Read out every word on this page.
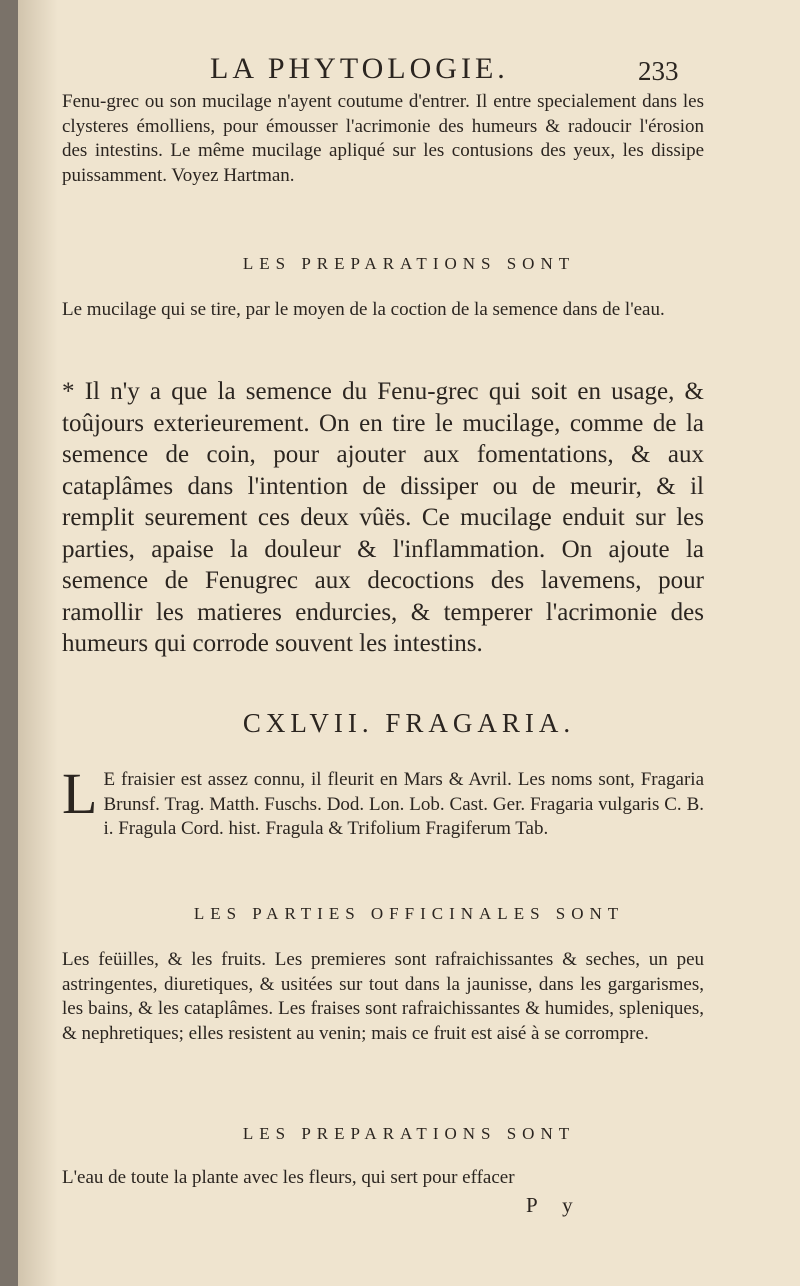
LA PHYTOLOGIE.	233

Fenu-grec ou son mucilage n'ayent coutume d'entrer. Il entre specialement dans les clysteres émolliens, pour émousser l'acrimonie des humeurs & radoucir l'érosion des intestins. Le même mucilage apliqué sur les contusions des yeux, les dissipe puissamment. Voyez Hartman.

LES PREPARATIONS SONT

Le mucilage qui se tire, par le moyen de la coction de la semence dans de l'eau.

* Il n'y a que la semence du Fenu-grec qui soit en usage, & toûjours exterieurement. On en tire le mucilage, comme de la semence de coin, pour ajouter aux fomentations, & aux cataplâmes dans l'intention de dissiper ou de meurir, & il remplit seurement ces deux vûës. Ce mucilage enduit sur les parties, apaise la douleur & l'inflammation. On ajoute la semence de Fenugrec aux decoctions des lavemens, pour ramollir les matieres endurcies, & temperer l'acrimonie des humeurs qui corrode souvent les intestins.

CXLVII. FRAGARIA.

L E fraisier est assez connu, il fleurit en Mars & Avril. Les noms sont, Fragaria Brunsf. Trag. Matth. Fuschs. Dod. Lon. Lob. Cast. Ger. Fragaria vulgaris C. B. i. Fragula Cord. hist. Fragula & Trifolium Fragiferum Tab.

LES PARTIES OFFICINALES SONT

Les feüilles, & les fruits. Les premieres sont rafraichissantes & seches, un peu astringentes, diuretiques, & usitées sur tout dans la jaunisse, dans les gargarismes, les bains, & les cataplâmes. Les fraises sont rafraichissantes & humides, spleniques, & nephretiques; elles resistent au venin; mais ce fruit est aisé à se corrompre.

LES PREPARATIONS SONT

L'eau de toute la plante avec les fleurs, qui sert pour effacer

P y
